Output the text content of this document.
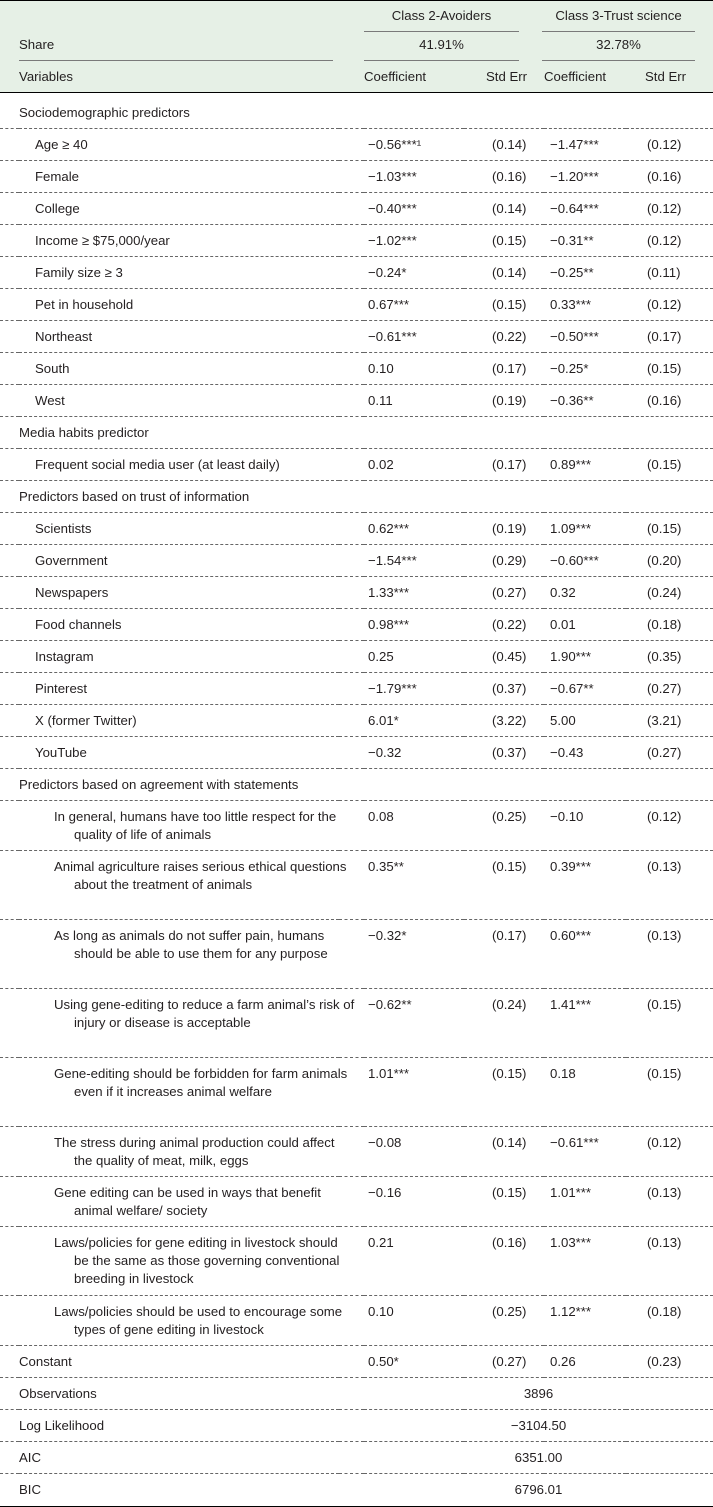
			Class 2-Avoiders		Class 3-Trust science	

	Share		41.91%		32.78%	

	Variables		Coefficient	Std Err	Coefficient	Std Err
	Sociodemographic predictors					
	Age ≥ 40		−0.56***¹	(0.14)	−1.47***	(0.12)
	Female		−1.03***	(0.16)	−1.20***	(0.16)
	College		−0.40***	(0.14)	−0.64***	(0.12)
	Income ≥ $75,000/year		−1.02***	(0.15)	−0.31**	(0.12)
	Family size ≥ 3		−0.24*	(0.14)	−0.25**	(0.11)
	Pet in household		0.67***	(0.15)	0.33***	(0.12)
	Northeast		−0.61***	(0.22)	−0.50***	(0.17)
	South		0.10	(0.17)	−0.25*	(0.15)
	West		0.11	(0.19)	−0.36**	(0.16)
	Media habits predictor					
	Frequent social media user (at least daily)		0.02	(0.17)	0.89***	(0.15)
	Predictors based on trust of information					
	Scientists		0.62***	(0.19)	1.09***	(0.15)
	Government		−1.54***	(0.29)	−0.60***	(0.20)
	Newspapers		1.33***	(0.27)	0.32	(0.24)
	Food channels		0.98***	(0.22)	0.01	(0.18)
	Instagram		0.25	(0.45)	1.90***	(0.35)
	Pinterest		−1.79***	(0.37)	−0.67**	(0.27)
	X (former Twitter)		6.01*	(3.22)	5.00	(3.21)
	YouTube		−0.32	(0.37)	−0.43	(0.27)
	Predictors based on agreement with statements					
	In general, humans have too little respect for the quality of life of animals		0.08	(0.25)	−0.10	(0.12)
	Animal agriculture raises serious ethical questions about the treatment of animals		0.35**	(0.15)	0.39***	(0.13)
	As long as animals do not suffer pain, humans should be able to use them for any purpose		−0.32*	(0.17)	0.60***	(0.13)
	Using gene-editing to reduce a farm animal’s risk of injury or disease is acceptable		−0.62**	(0.24)	1.41***	(0.15)
	Gene-editing should be forbidden for farm animals even if it increases animal welfare		1.01***	(0.15)	0.18	(0.15)
	The stress during animal production could affect the quality of meat, milk, eggs		−0.08	(0.14)	−0.61***	(0.12)
	Gene editing can be used in ways that benefit animal welfare/ society		−0.16	(0.15)	1.01***	(0.13)
	Laws/policies for gene editing in livestock should be the same as those governing conventional breeding in livestock		0.21	(0.16)	1.03***	(0.13)
	Laws/policies should be used to encourage some types of gene editing in livestock		0.10	(0.25)	1.12***	(0.18)
	Constant		0.50*	(0.27)	0.26	(0.23)
	Observations		3896			
	Log Likelihood		−3104.50			
	AIC		6351.00			
	BIC		6796.01			
